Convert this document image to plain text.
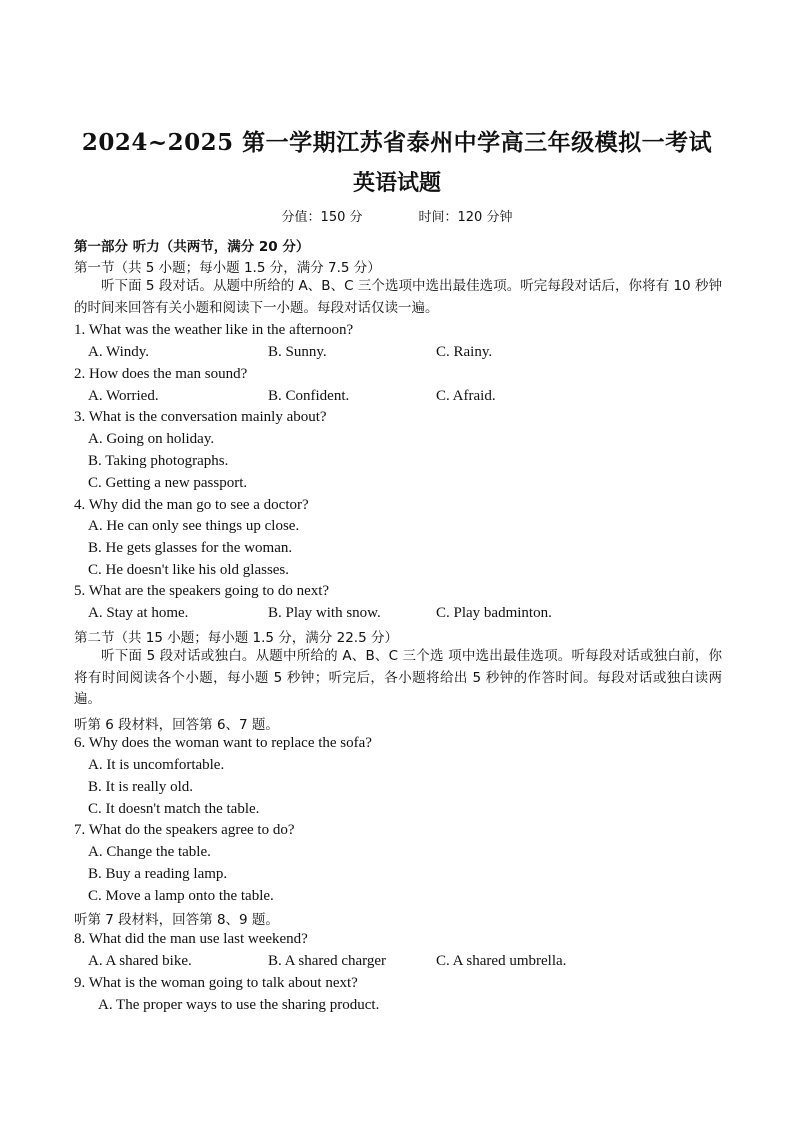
2024~2025 第一学期江苏省泰州中学高三年级模拟一考试
英语试题
分值：150 分	时间：120 分钟
第一部分 听力（共两节，满分 20 分）
第一节（共 5 小题；每小题 1.5 分，满分 7.5 分）
听下面 5 段对话。从题中所给的 A、B、C 三个选项中选出最佳选项。听完每段对话后，你将有 10 秒钟的时间来回答有关小题和阅读下一小题。每段对话仅读一遍。
1. What was the weather like in the afternoon?
A. Windy.	B. Sunny.	C. Rainy.
2. How does the man sound?
A. Worried.	B. Confident.	C. Afraid.
3. What is the conversation mainly about?
A. Going on holiday.
B. Taking photographs.
C. Getting a new passport.
4. Why did the man go to see a doctor?
A. He can only see things up close.
B. He gets glasses for the woman.
C. He doesn't like his old glasses.
5. What are the speakers going to do next?
A. Stay at home.	B. Play with snow.	C. Play badminton.
第二节（共 15 小题；每小题 1.5 分，满分 22.5 分）
听下面 5 段对话或独白。从题中所给的 A、B、C 三个选 项中选出最佳选项。听每段对话或独白前，你将有时间阅读各个小题，每小题 5 秒钟；听完后，各小题将给出 5 秒钟的作答时间。每段对话或独白读两遍。
听第 6 段材料，回答第 6、7 题。
6. Why does the woman want to replace the sofa?
A. It is uncomfortable.
B. It is really old.
C. It doesn't match the table.
7. What do the speakers agree to do?
A. Change the table.
B. Buy a reading lamp.
C. Move a lamp onto the table.
听第 7 段材料，回答第 8、9 题。
8. What did the man use last weekend?
A. A shared bike.	B. A shared charger	C. A shared umbrella.
9. What is the woman going to talk about next?
A. The proper ways to use the sharing product.
